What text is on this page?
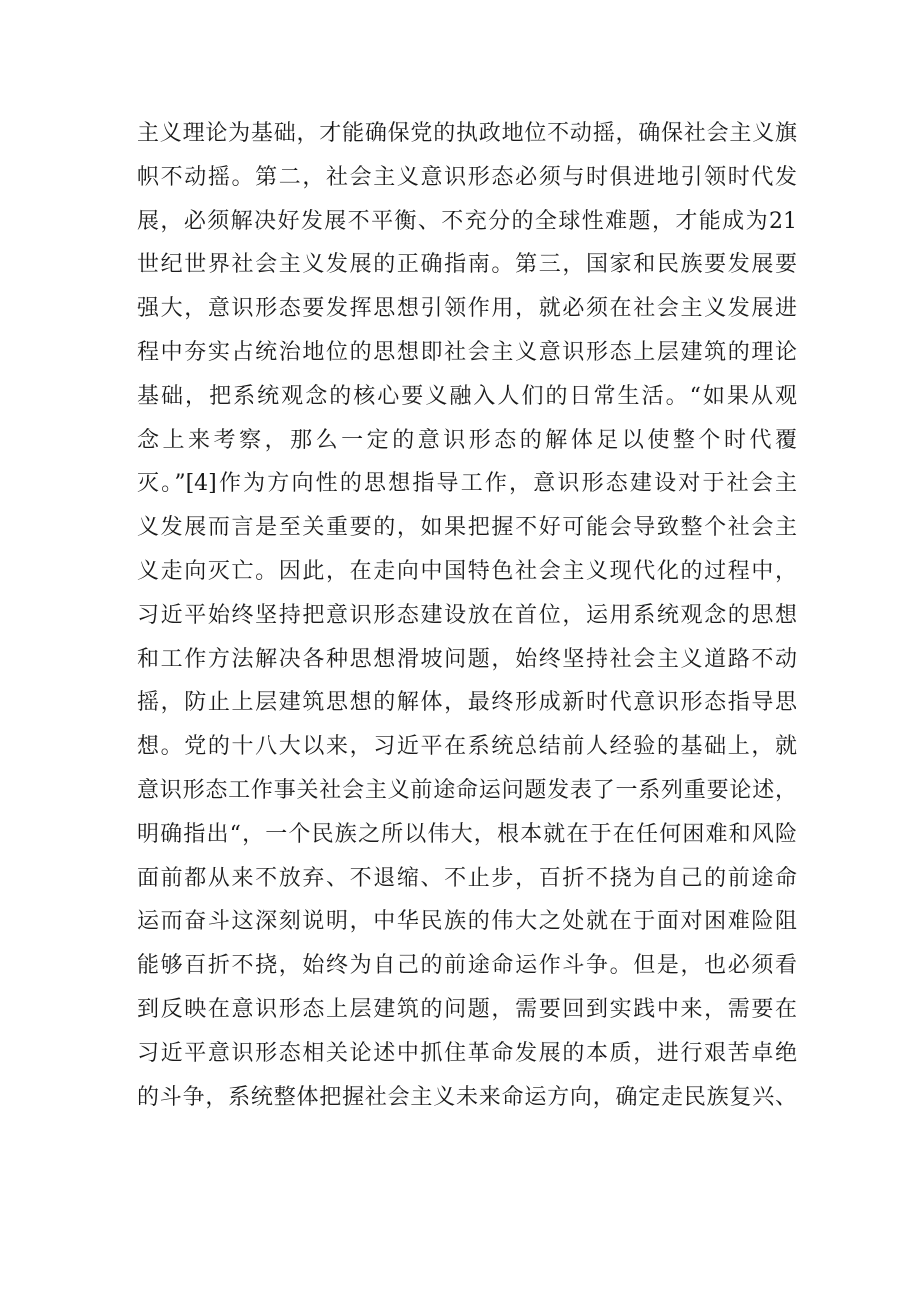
主义理论为基础，才能确保党的执政地位不动摇，确保社会主义旗
帜不动摇。第二，社会主义意识形态必须与时俱进地引领时代发
展，必须解决好发展不平衡、不充分的全球性难题，才能成为21
世纪世界社会主义发展的正确指南。第三，国家和民族要发展要
强大，意识形态要发挥思想引领作用，就必须在社会主义发展进
程中夯实占统治地位的思想即社会主义意识形态上层建筑的理论
基础，把系统观念的核心要义融入人们的日常生活。“如果从观
念上来考察，那么一定的意识形态的解体足以使整个时代覆
灭。”[4]作为方向性的思想指导工作，意识形态建设对于社会主
义发展而言是至关重要的，如果把握不好可能会导致整个社会主
义走向灭亡。因此，在走向中国特色社会主义现代化的过程中，
习近平始终坚持把意识形态建设放在首位，运用系统观念的思想
和工作方法解决各种思想滑坡问题，始终坚持社会主义道路不动
摇，防止上层建筑思想的解体，最终形成新时代意识形态指导思
想。党的十八大以来，习近平在系统总结前人经验的基础上，就
意识形态工作事关社会主义前途命运问题发表了一系列重要论述，
明确指出“，一个民族之所以伟大，根本就在于在任何困难和风险
面前都从来不放弃、不退缩、不止步，百折不挠为自己的前途命
运而奋斗这深刻说明，中华民族的伟大之处就在于面对困难险阻
能够百折不挠，始终为自己的前途命运作斗争。但是，也必须看
到反映在意识形态上层建筑的问题，需要回到实践中来，需要在
习近平意识形态相关论述中抓住革命发展的本质，进行艰苦卓绝
的斗争，系统整体把握社会主义未来命运方向，确定走民族复兴、
